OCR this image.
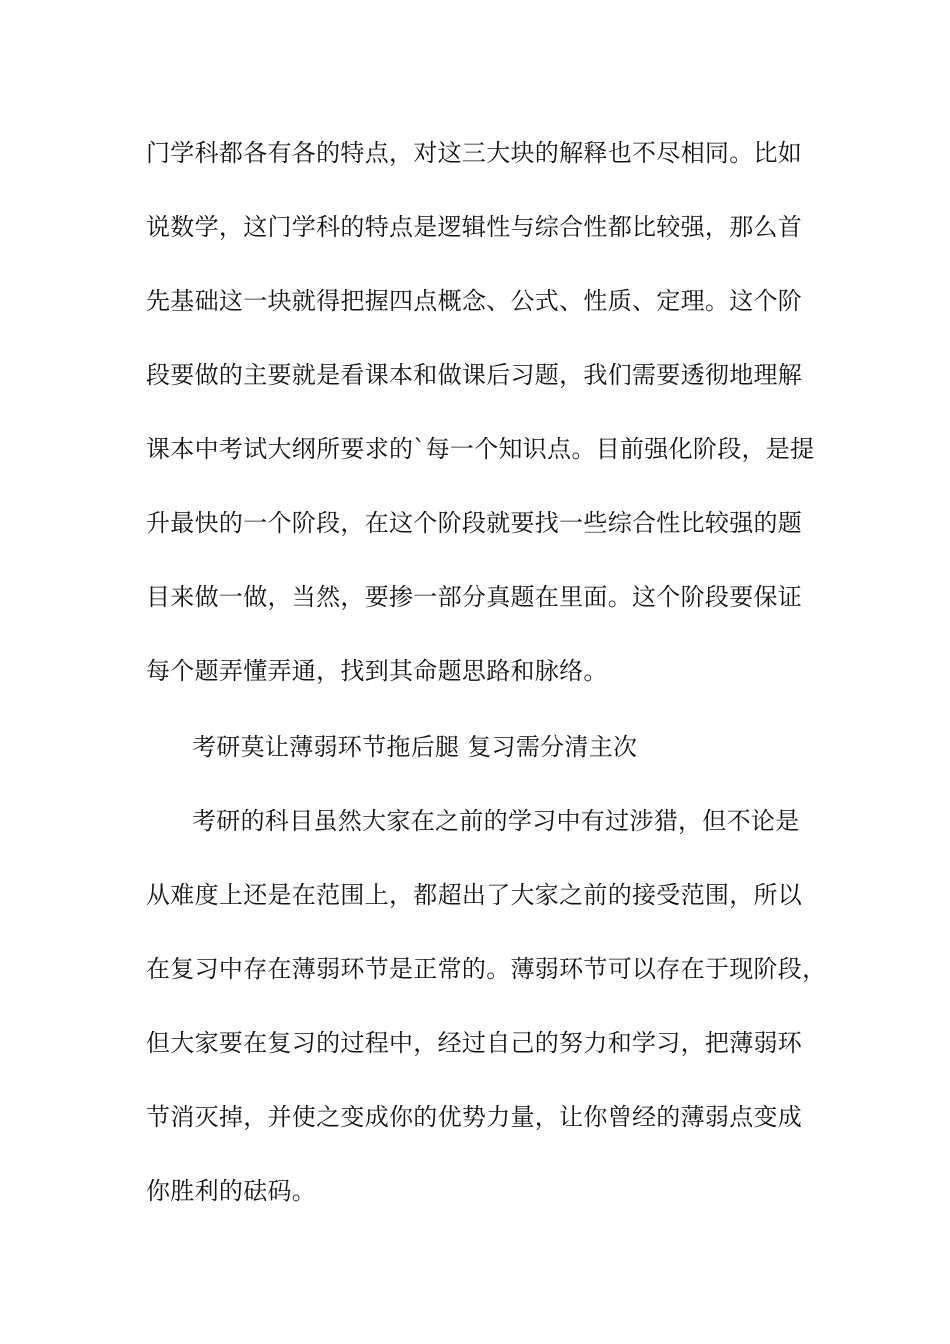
门学科都各有各的特点，对这三大块的解释也不尽相同。比如
说数学，这门学科的特点是逻辑性与综合性都比较强，那么首
先基础这一块就得把握四点概念、公式、性质、定理。这个阶
段要做的主要就是看课本和做课后习题，我们需要透彻地理解
课本中考试大纲所要求的`每一个知识点。目前强化阶段，是提
升最快的一个阶段，在这个阶段就要找一些综合性比较强的题
目来做一做，当然，要掺一部分真题在里面。这个阶段要保证
每个题弄懂弄通，找到其命题思路和脉络。
考研莫让薄弱环节拖后腿 复习需分清主次
考研的科目虽然大家在之前的学习中有过涉猎，但不论是
从难度上还是在范围上，都超出了大家之前的接受范围，所以
在复习中存在薄弱环节是正常的。薄弱环节可以存在于现阶段，
但大家要在复习的过程中，经过自己的努力和学习，把薄弱环
节消灭掉，并使之变成你的优势力量，让你曾经的薄弱点变成
你胜利的砝码。
